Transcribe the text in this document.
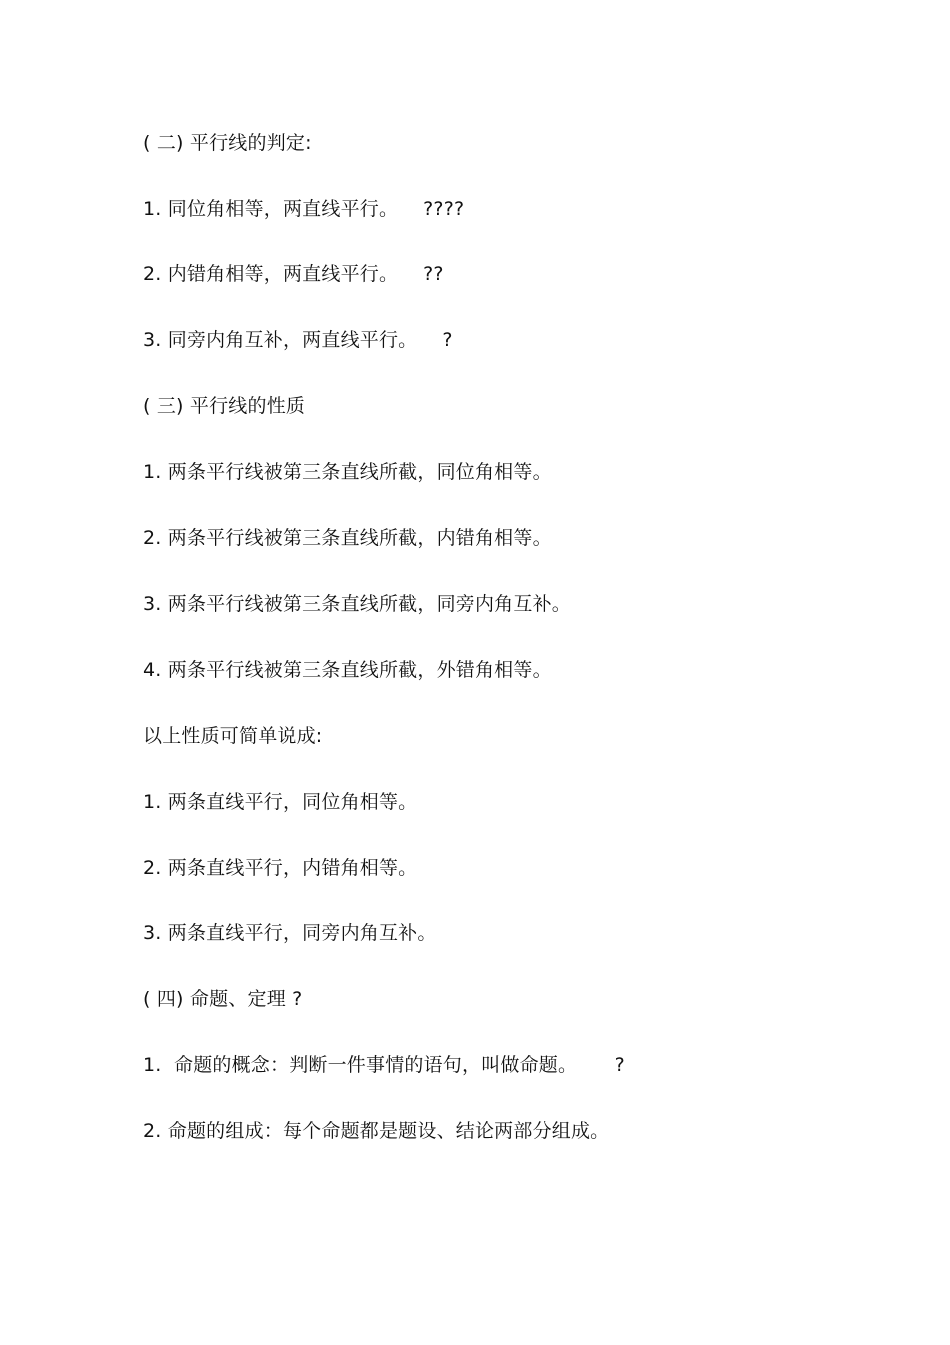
( 二) 平行线的判定:
1. 同位角相等，两直线平行。    ????
2. 内错角相等，两直线平行。    ??
3. 同旁内角互补，两直线平行。    ?
( 三) 平行线的性质
1. 两条平行线被第三条直线所截，同位角相等。
2. 两条平行线被第三条直线所截，内错角相等。
3. 两条平行线被第三条直线所截，同旁内角互补。
4. 两条平行线被第三条直线所截，外错角相等。
以上性质可简单说成:
1. 两条直线平行，同位角相等。
2. 两条直线平行，内错角相等。
3. 两条直线平行，同旁内角互补。
( 四) 命题、定理 ?
1.  命题的概念：判断一件事情的语句，叫做命题。      ?
2. 命题的组成：每个命题都是题设、结论两部分组成。
